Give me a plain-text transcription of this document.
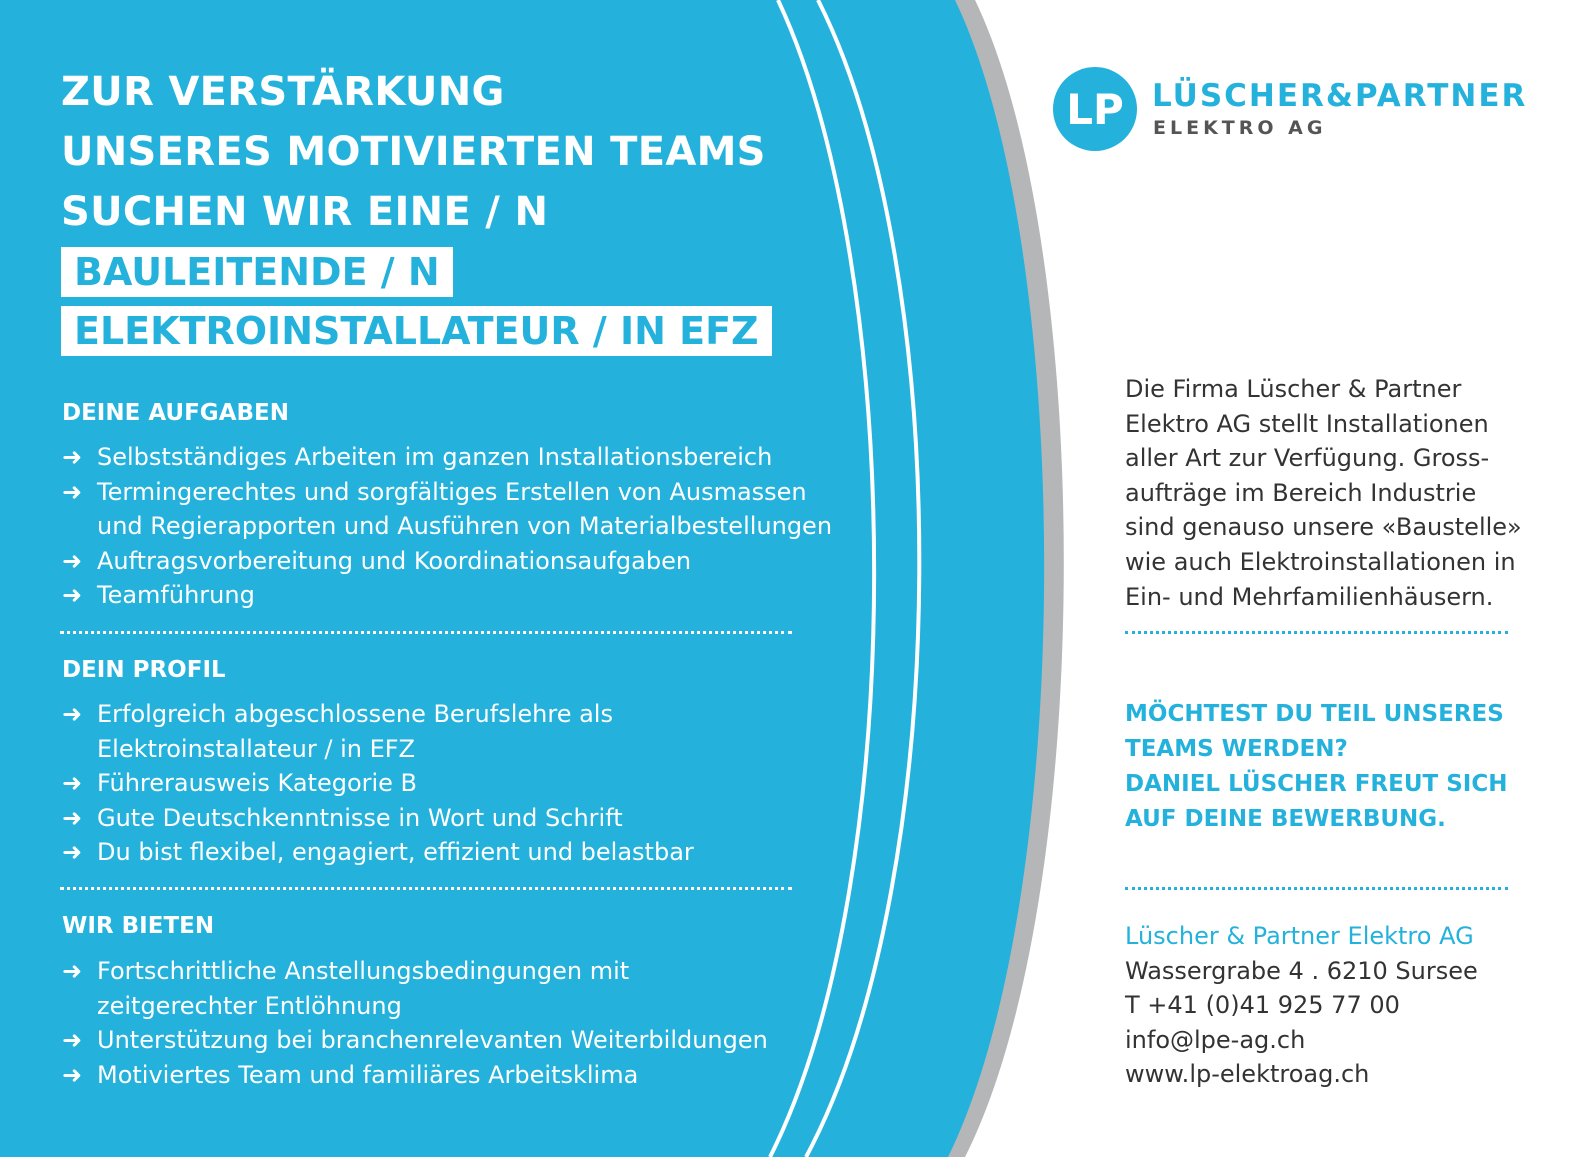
ZUR VERSTÄRKUNG
UNSERES MOTIVIERTEN TEAMS
SUCHEN WIR EINE / N
BAULEITENDE / N
ELEKTROINSTALLATEUR / IN EFZ
DEINE AUFGABEN
➜ Selbstständiges Arbeiten im ganzen Installationsbereich
➜ Termingerechtes und sorgfältiges Erstellen von Ausmassen
und Regierapporten und Ausführen von Materialbestellungen
➜ Auftragsvorbereitung und Koordinationsaufgaben
➜ Teamführung
DEIN PROFIL
➜ Erfolgreich abgeschlossene Berufslehre als
Elektroinstallateur / in EFZ
➜ Führerausweis Kategorie B
➜ Gute Deutschkenntnisse in Wort und Schrift
➜ Du bist flexibel, engagiert, effizient und belastbar
WIR BIETEN
➜ Fortschrittliche Anstellungsbedingungen mit
zeitgerechter Entlöhnung
➜ Unterstützung bei branchenrelevanten Weiterbildungen
➜ Motiviertes Team und familiäres Arbeitsklima
LP LÜSCHER&PARTNER
ELEKTRO AG
Die Firma Lüscher & Partner
Elektro AG stellt Installationen
aller Art zur Verfügung. Gross-
aufträge im Bereich Industrie
sind genauso unsere «Baustelle»
wie auch Elektroinstallationen in
Ein- und Mehrfamilienhäusern.
MÖCHTEST DU TEIL UNSERES
TEAMS WERDEN?
DANIEL LÜSCHER FREUT SICH
AUF DEINE BEWERBUNG.
Lüscher & Partner Elektro AG
Wassergrabe 4 . 6210 Sursee
T +41 (0)41 925 77 00
info@lpe-ag.ch
www.lp-elektroag.ch
